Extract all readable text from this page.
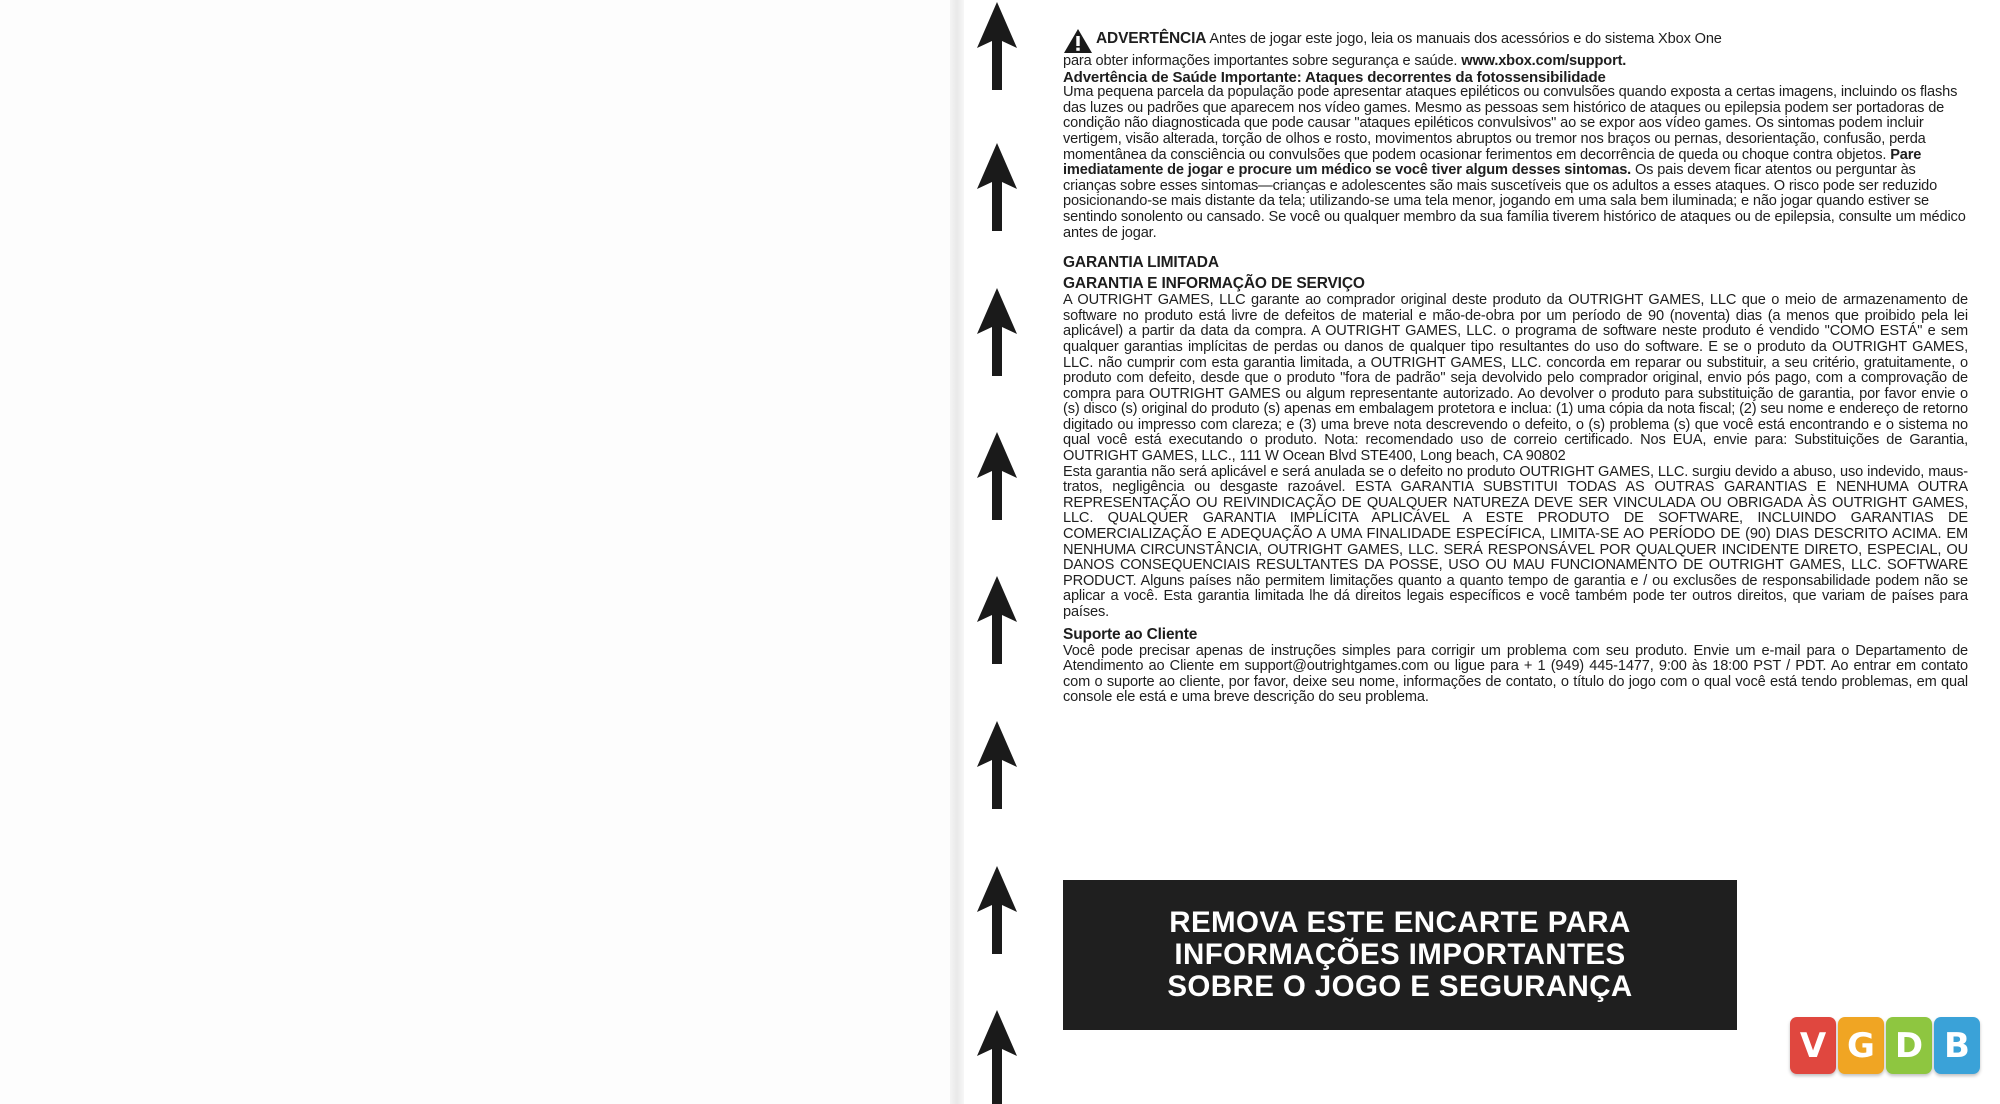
ADVERTÊNCIA Antes de jogar este jogo, leia os manuais dos acessórios e do sistema Xbox One

para obter informações importantes sobre segurança e saúde. www.xbox.com/support.

Advertência de Saúde Importante: Ataques decorrentes da fotossensibilidade

Uma pequena parcela da população pode apresentar ataques epiléticos ou convulsões quando exposta a certas imagens, incluindo os flashs das luzes ou padrões que aparecem nos vídeo games. Mesmo as pessoas sem histórico de ataques ou epilepsia podem ser portadoras de condição não diagnosticada que pode causar "ataques epiléticos convulsivos" ao se expor aos vídeo games. Os sintomas podem incluir vertigem, visão alterada, torção de olhos e rosto, movimentos abruptos ou tremor nos braços ou pernas, desorientação, confusão, perda momentânea da consciência ou convulsões que podem ocasionar ferimentos em decorrência de queda ou choque contra objetos. Pare imediatamente de jogar e procure um médico se você tiver algum desses sintomas. Os pais devem ficar atentos ou perguntar às crianças sobre esses sintomas—crianças e adolescentes são mais suscetíveis que os adultos a esses ataques. O risco pode ser reduzido posicionando-se mais distante da tela; utilizando-se uma tela menor, jogando em uma sala bem iluminada; e não jogar quando estiver se sentindo sonolento ou cansado. Se você ou qualquer membro da sua família tiverem histórico de ataques ou de epilepsia, consulte um médico antes de jogar.

GARANTIA LIMITADA

GARANTIA E INFORMAÇÃO DE SERVIÇO

A OUTRIGHT GAMES, LLC garante ao comprador original deste produto da OUTRIGHT GAMES, LLC que o meio de armazenamento de software no produto está livre de defeitos de material e mão-de-obra por um período de 90 (noventa) dias (a menos que proibido pela lei aplicável) a partir da data da compra. A OUTRIGHT GAMES, LLC. o programa de software neste produto é vendido "COMO ESTÁ" e sem qualquer garantias implícitas de perdas ou danos de qualquer tipo resultantes do uso do software. E se o produto da OUTRIGHT GAMES, LLC. não cumprir com esta garantia limitada, a OUTRIGHT GAMES, LLC. concorda em reparar ou substituir, a seu critério, gratuitamente, o produto com defeito, desde que o produto "fora de padrão" seja devolvido pelo comprador original, envio pós pago, com a comprovação de compra para OUTRIGHT GAMES ou algum representante autorizado. Ao devolver o produto para substituição de garantia, por favor envie o (s) disco (s) original do produto (s) apenas em embalagem protetora e inclua: (1) uma cópia da nota fiscal; (2) seu nome e endereço de retorno digitado ou impresso com clareza; e (3) uma breve nota descrevendo o defeito, o (s) problema (s) que você está encontrando e o sistema no qual você está executando o produto. Nota: recomendado uso de correio certificado. Nos EUA, envie para: Substituições de Garantia, OUTRIGHT GAMES, LLC., 111 W Ocean Blvd STE400, Long beach, CA 90802

Esta garantia não será aplicável e será anulada se o defeito no produto OUTRIGHT GAMES, LLC. surgiu devido a abuso, uso indevido, maus-tratos, negligência ou desgaste razoável. ESTA GARANTIA SUBSTITUI TODAS AS OUTRAS GARANTIAS E NENHUMA OUTRA REPRESENTAÇÃO OU REIVINDICAÇÃO DE QUALQUER NATUREZA DEVE SER VINCULADA OU OBRIGADA ÀS OUTRIGHT GAMES, LLC. QUALQUER GARANTIA IMPLÍCITA APLICÁVEL A ESTE PRODUTO DE SOFTWARE, INCLUINDO GARANTIAS DE COMERCIALIZAÇÃO E ADEQUAÇÃO A UMA FINALIDADE ESPECÍFICA, LIMITA-SE AO PERÍODO DE (90) DIAS DESCRITO ACIMA. EM NENHUMA CIRCUNSTÂNCIA, OUTRIGHT GAMES, LLC. SERÁ RESPONSÁVEL POR QUALQUER INCIDENTE DIRETO, ESPECIAL, OU DANOS CONSEQUENCIAIS RESULTANTES DA POSSE, USO OU MAU FUNCIONAMENTO DE OUTRIGHT GAMES, LLC. SOFTWARE PRODUCT. Alguns países não permitem limitações quanto a quanto tempo de garantia e / ou exclusões de responsabilidade podem não se aplicar a você. Esta garantia limitada lhe dá direitos legais específicos e você também pode ter outros direitos, que variam de países para países.

Suporte ao Cliente

Você pode precisar apenas de instruções simples para corrigir um problema com seu produto. Envie um e-mail para o Departamento de Atendimento ao Cliente em support@outrightgames.com ou ligue para + 1 (949) 445-1477, 9:00 às 18:00 PST / PDT. Ao entrar em contato com o suporte ao cliente, por favor, deixe seu nome, informações de contato, o título do jogo com o qual você está tendo problemas, em qual console ele está e uma breve descrição do seu problema.

REMOVA ESTE ENCARTE PARA
INFORMAÇÕES IMPORTANTES
SOBRE O JOGO E SEGURANÇA
V G D B
